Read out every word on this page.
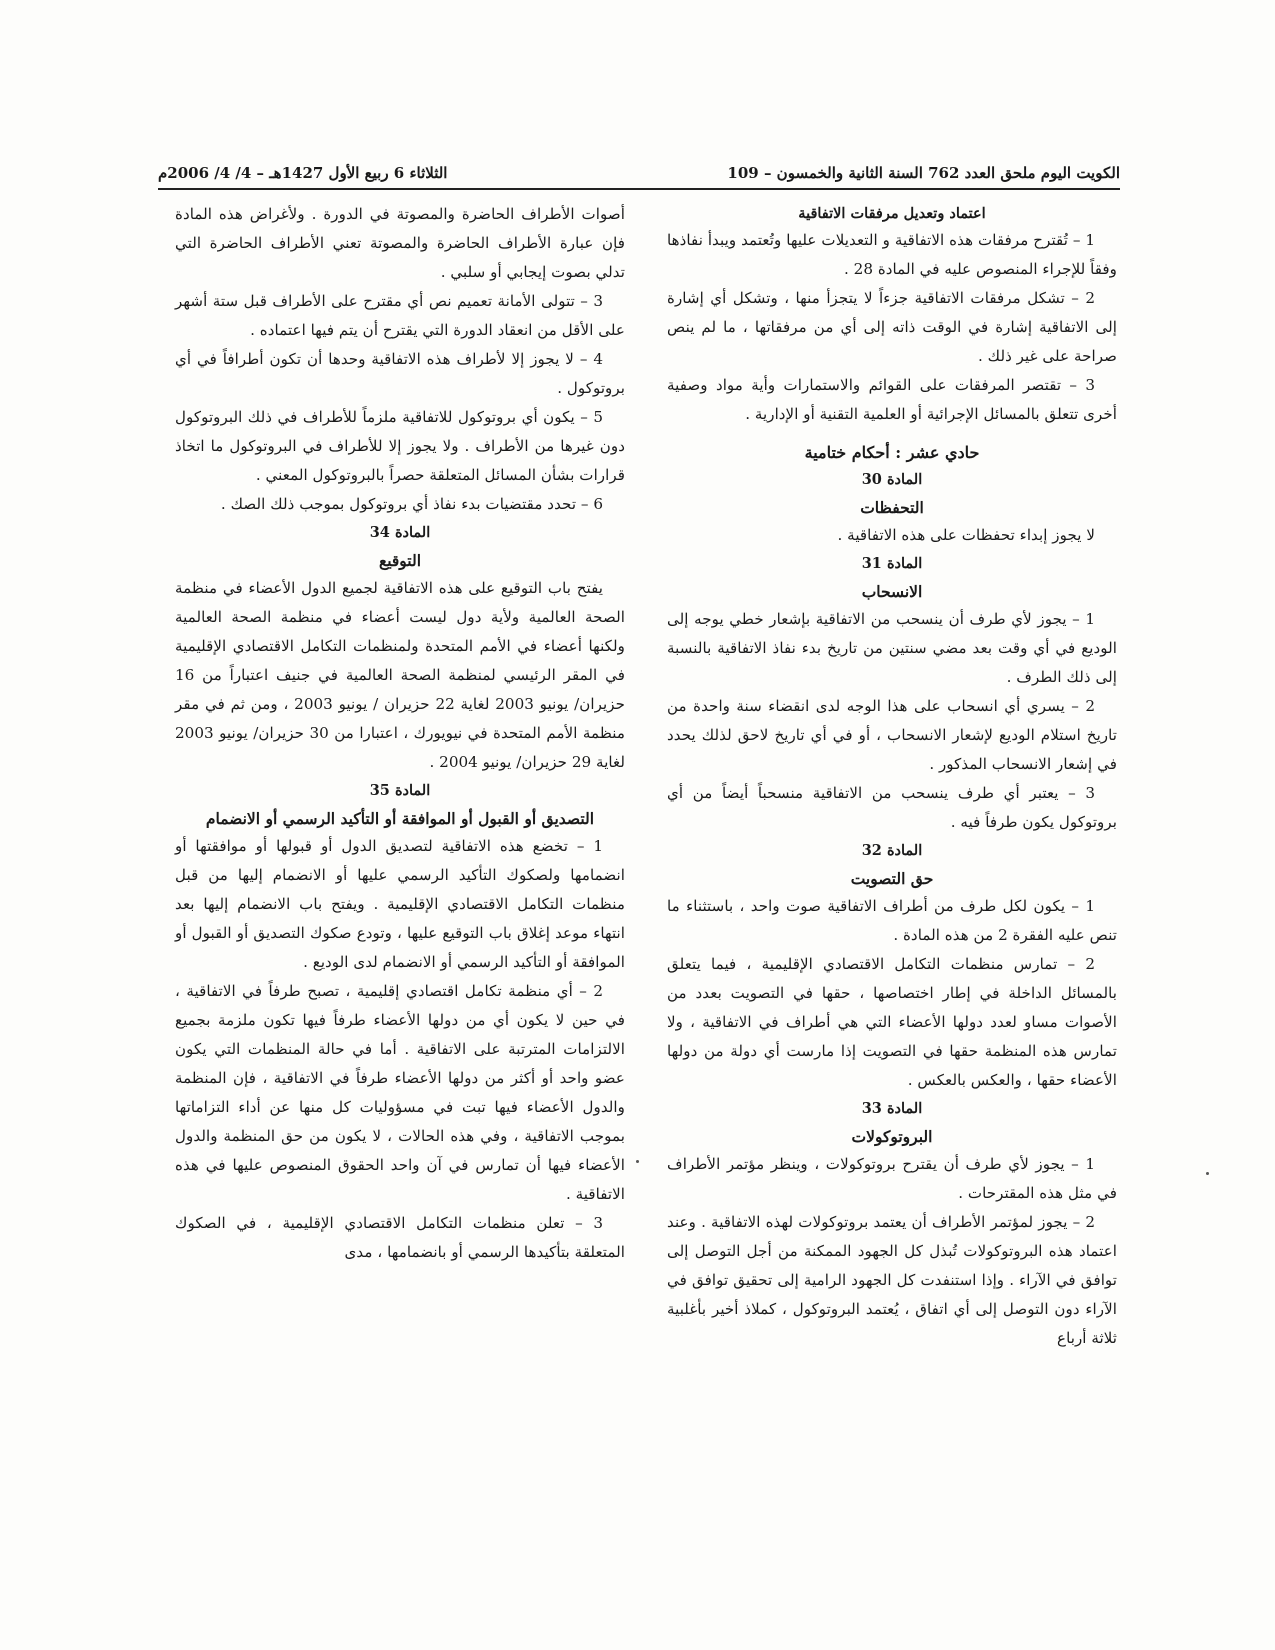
الكويت اليوم ملحق العدد 762 السنة الثانية والخمسون – 109
الثلاثاء 6 ربيع الأول 1427هـ – 4/ 4/ 2006م
اعتماد وتعديل مرفقات الاتفاقية

1 – تُقترح مرفقات هذه الاتفاقية و التعديلات عليها وتُعتمد ويبدأ نفاذها وفقاً للإجراء المنصوص عليه في المادة 28 .

2 – تشكل مرفقات الاتفاقية جزءاً لا يتجزأ منها ، وتشكل أي إشارة إلى الاتفاقية إشارة في الوقت ذاته إلى أي من مرفقاتها ، ما لم ينص صراحة على غير ذلك .

3 – تقتصر المرفقات على القوائم والاستمارات وأية مواد وصفية أخرى تتعلق بالمسائل الإجرائية أو العلمية التقنية أو الإدارية .

حادي عشر : أحكام ختامية
المادة 30
التحفظات

لا يجوز إبداء تحفظات على هذه الاتفاقية .

المادة 31
الانسحاب

1 – يجوز لأي طرف أن ينسحب من الاتفاقية بإشعار خطي يوجه إلى الوديع في أي وقت بعد مضي سنتين من تاريخ بدء نفاذ الاتفاقية بالنسبة إلى ذلك الطرف .

2 – يسري أي انسحاب على هذا الوجه لدى انقضاء سنة واحدة من تاريخ استلام الوديع لإشعار الانسحاب ، أو في أي تاريخ لاحق لذلك يحدد في إشعار الانسحاب المذكور .

3 – يعتبر أي طرف ينسحب من الاتفاقية منسحباً أيضاً من أي بروتوكول يكون طرفاً فيه .

المادة 32
حق التصويت

1 – يكون لكل طرف من أطراف الاتفاقية صوت واحد ، باستثناء ما تنص عليه الفقرة 2 من هذه المادة .

2 – تمارس منظمات التكامل الاقتصادي الإقليمية ، فيما يتعلق بالمسائل الداخلة في إطار اختصاصها ، حقها في التصويت بعدد من الأصوات مساو لعدد دولها الأعضاء التي هي أطراف في الاتفاقية ، ولا تمارس هذه المنظمة حقها في التصويت إذا مارست أي دولة من دولها الأعضاء حقها ، والعكس بالعكس .

المادة 33
البروتوكولات

1 – يجوز لأي طرف أن يقترح بروتوكولات ، وينظر مؤتمر الأطراف في مثل هذه المقترحات .

2 – يجوز لمؤتمر الأطراف أن يعتمد بروتوكولات لهذه الاتفاقية . وعند اعتماد هذه البروتوكولات تُبذل كل الجهود الممكنة من أجل التوصل إلى توافق في الآراء . وإذا استنفدت كل الجهود الرامية إلى تحقيق توافق في الآراء دون التوصل إلى أي اتفاق ، يُعتمد البروتوكول ، كملاذ أخير بأغلبية ثلاثة أرباع

أصوات الأطراف الحاضرة والمصوتة في الدورة . ولأغراض هذه المادة فإن عبارة الأطراف الحاضرة والمصوتة تعني الأطراف الحاضرة التي تدلي بصوت إيجابي أو سلبي .

3 – تتولى الأمانة تعميم نص أي مقترح على الأطراف قبل ستة أشهر على الأقل من انعقاد الدورة التي يقترح أن يتم فيها اعتماده .

4 – لا يجوز إلا لأطراف هذه الاتفاقية وحدها أن تكون أطرافاً في أي بروتوكول .

5 – يكون أي بروتوكول للاتفاقية ملزماً للأطراف في ذلك البروتوكول دون غيرها من الأطراف . ولا يجوز إلا للأطراف في البروتوكول ما اتخاذ قرارات بشأن المسائل المتعلقة حصراً بالبروتوكول المعني .

6 – تحدد مقتضيات بدء نفاذ أي بروتوكول بموجب ذلك الصك .

المادة 34
التوقيع

يفتح باب التوقيع على هذه الاتفاقية لجميع الدول الأعضاء في منظمة الصحة العالمية ولأية دول ليست أعضاء في منظمة الصحة العالمية ولكنها أعضاء في الأمم المتحدة ولمنظمات التكامل الاقتصادي الإقليمية في المقر الرئيسي لمنظمة الصحة العالمية في جنيف اعتباراً من 16 حزيران/ يونيو 2003 لغاية 22 حزيران / يونيو 2003 ، ومن ثم في مقر منظمة الأمم المتحدة في نيويورك ، اعتبارا من 30 حزيران/ يونيو 2003 لغاية 29 حزيران/ يونيو 2004 .

المادة 35
التصديق أو القبول أو الموافقة أو التأكيد الرسمي أو الانضمام

1 – تخضع هذه الاتفاقية لتصديق الدول أو قبولها أو موافقتها أو انضمامها ولصكوك التأكيد الرسمي عليها أو الانضمام إليها من قبل منظمات التكامل الاقتصادي الإقليمية . ويفتح باب الانضمام إليها بعد انتهاء موعد إغلاق باب التوقيع عليها ، وتودع صكوك التصديق أو القبول أو الموافقة أو التأكيد الرسمي أو الانضمام لدى الوديع .

2 – أي منظمة تكامل اقتصادي إقليمية ، تصبح طرفاً في الاتفاقية ، في حين لا يكون أي من دولها الأعضاء طرفاً فيها تكون ملزمة بجميع الالتزامات المترتبة على الاتفاقية . أما في حالة المنظمات التي يكون عضو واحد أو أكثر من دولها الأعضاء طرفاً في الاتفاقية ، فإن المنظمة والدول الأعضاء فيها تبت في مسؤوليات كل منها عن أداء التزاماتها بموجب الاتفاقية ، وفي هذه الحالات ، لا يكون من حق المنظمة والدول الأعضاء فيها أن تمارس في آن واحد الحقوق المنصوص عليها في هذه الاتفاقية .

3 – تعلن منظمات التكامل الاقتصادي الإقليمية ، في الصكوك المتعلقة بتأكيدها الرسمي أو بانضمامها ، مدى
